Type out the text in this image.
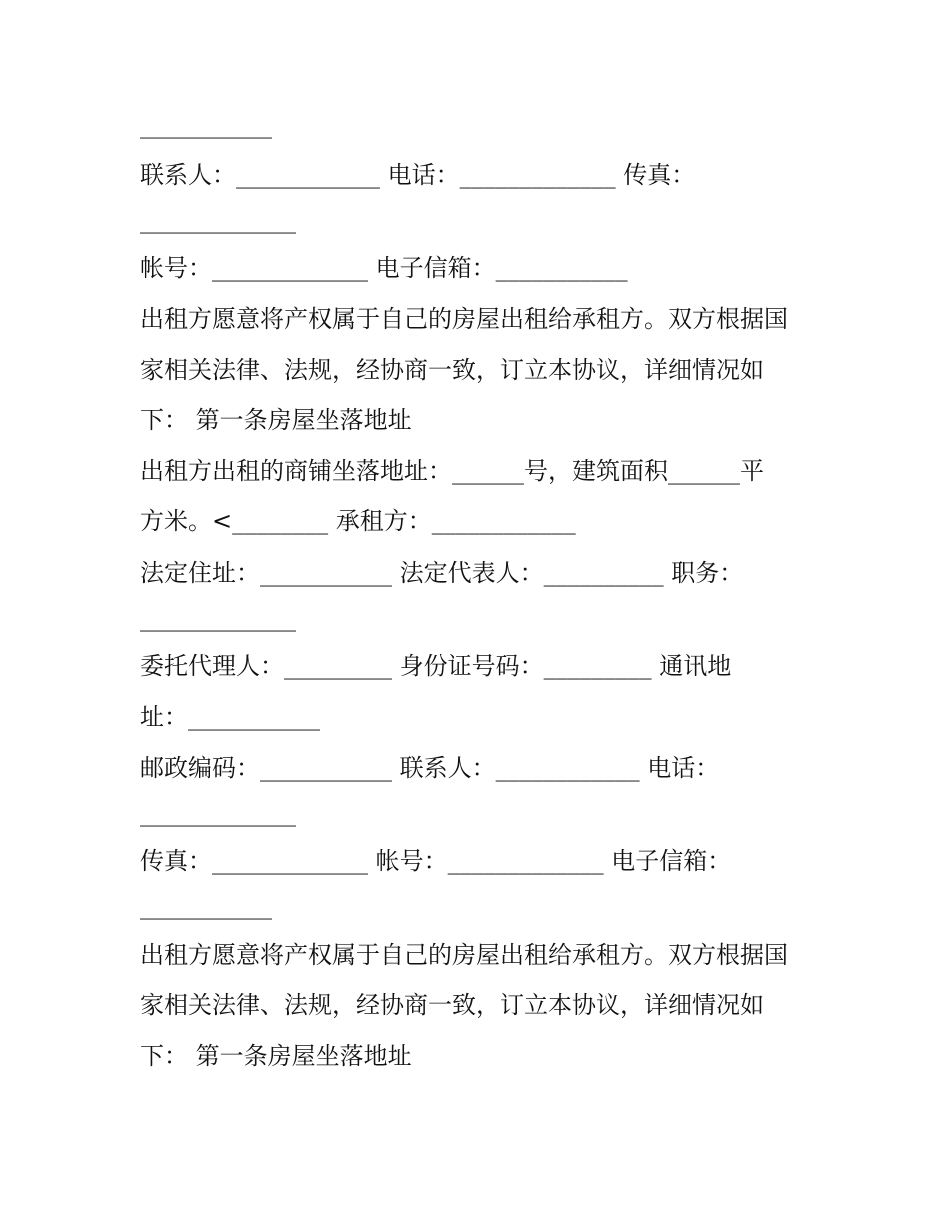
___________
联系人：____________ 电话：_____________ 传真：
_____________
帐号：_____________ 电子信箱：___________
出租方愿意将产权属于自己的房屋出租给承租方。双方根据国
家相关法律、法规，经协商一致，订立本协议，详细情况如
下： 第一条房屋坐落地址
出租方出租的商铺坐落地址：______号，建筑面积______平
方米。<________ 承租方：____________
法定住址：___________ 法定代表人：__________ 职务：
_____________
委托代理人：_________ 身份证号码：_________ 通讯地
址：___________
邮政编码：___________ 联系人：____________ 电话：
_____________
传真：_____________ 帐号：_____________ 电子信箱：
___________
出租方愿意将产权属于自己的房屋出租给承租方。双方根据国
家相关法律、法规，经协商一致，订立本协议，详细情况如
下： 第一条房屋坐落地址
